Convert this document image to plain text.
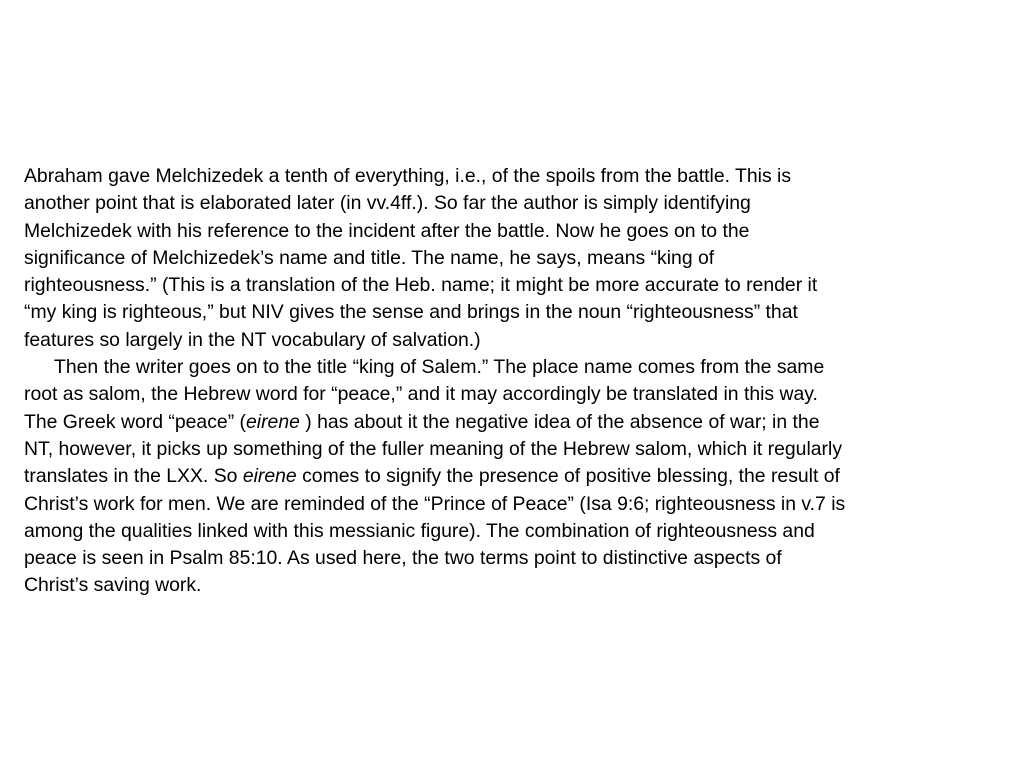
Abraham gave Melchizedek a tenth of everything, i.e., of the spoils from the battle. This is
another point that is elaborated later (in vv.4ff.). So far the author is simply identifying
Melchizedek with his reference to the incident after the battle. Now he goes on to the
significance of Melchizedek’s name and title. The name, he says, means “king of
righteousness.” (This is a translation of the Heb. name; it might be more accurate to render it
“my king is righteous,” but NIV gives the sense and brings in the noun “righteousness” that
features so largely in the NT vocabulary of salvation.)
Then the writer goes on to the title “king of Salem.” The place name comes from the same
root as salom, the Hebrew word for “peace,” and it may accordingly be translated in this way.
The Greek word “peace” (eirene ) has about it the negative idea of the absence of war; in the
NT, however, it picks up something of the fuller meaning of the Hebrew salom, which it regularly
translates in the LXX. So eirene comes to signify the presence of positive blessing, the result of
Christ’s work for men. We are reminded of the “Prince of Peace” (Isa 9:6; righteousness in v.7 is
among the qualities linked with this messianic figure). The combination of righteousness and
peace is seen in Psalm 85:10. As used here, the two terms point to distinctive aspects of
Christ’s saving work.
